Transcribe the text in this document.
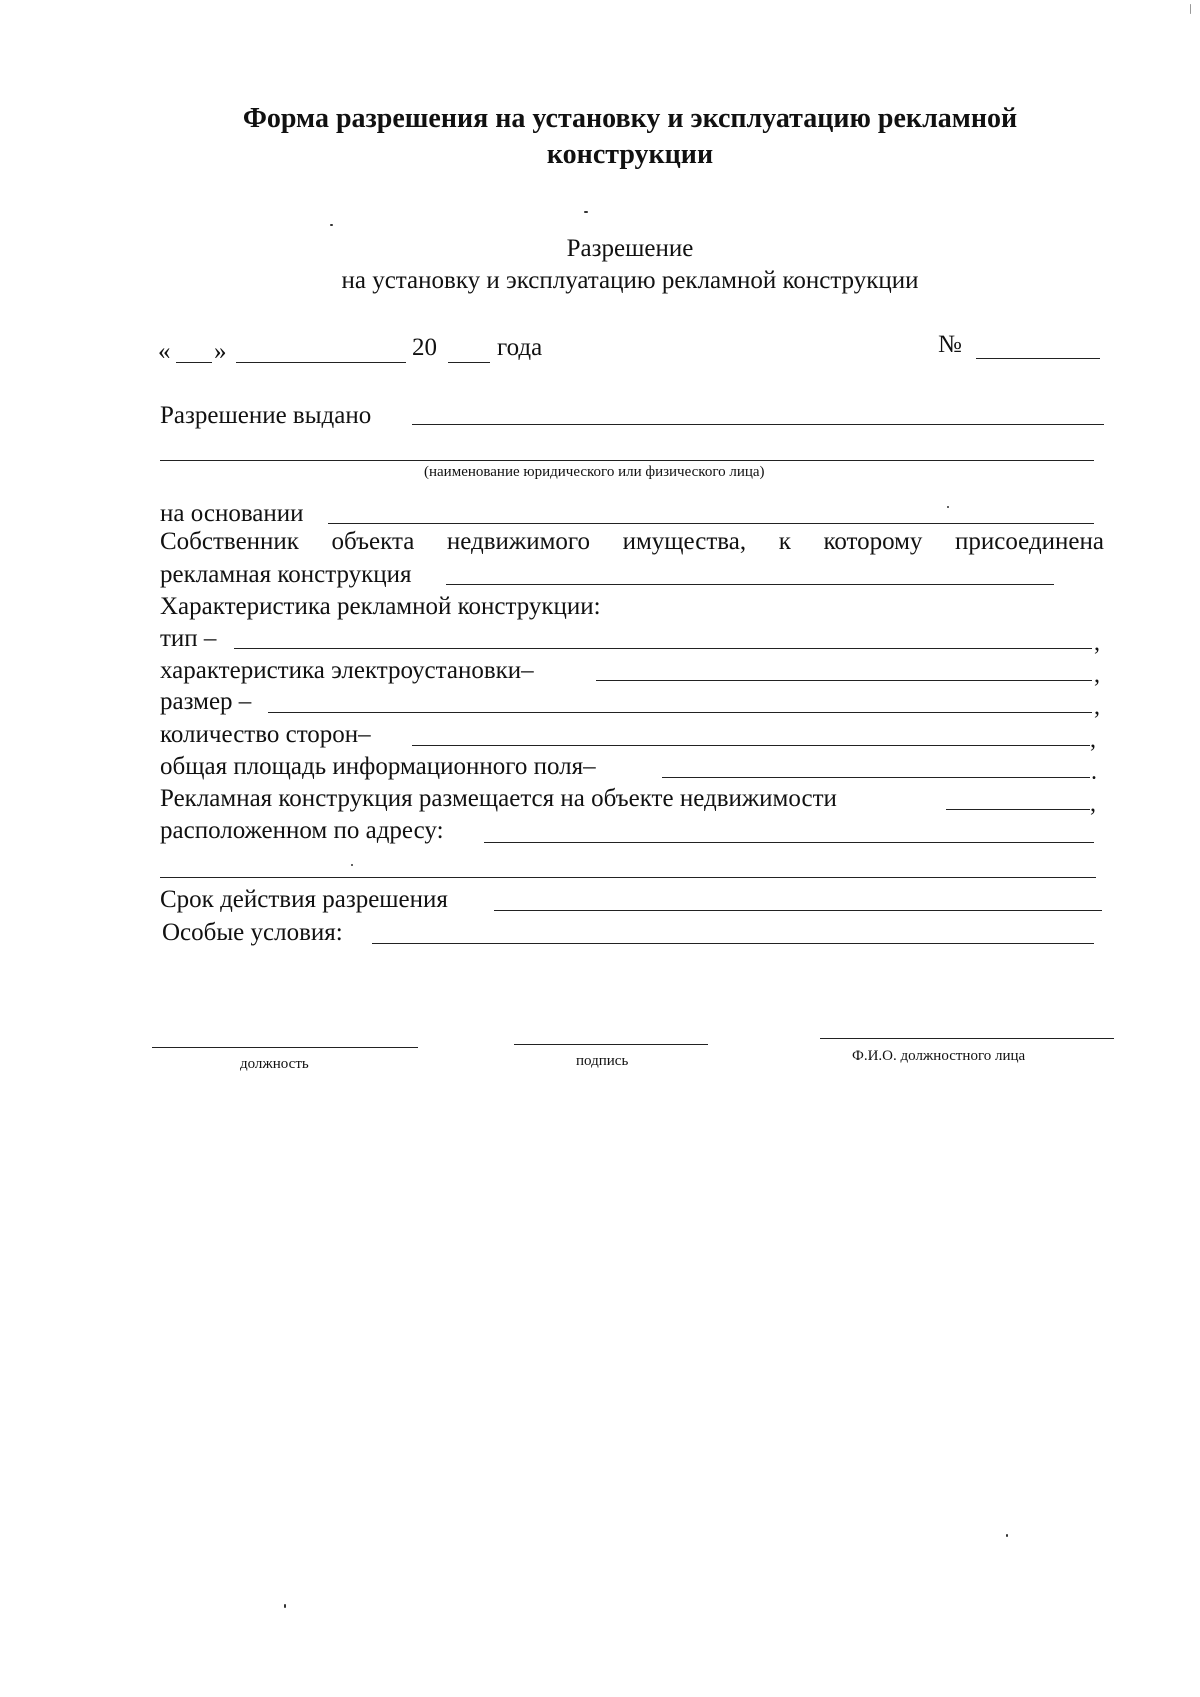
Форма разрешения на установку и эксплуатацию рекламной
конструкции
Разрешение
на установку и эксплуатацию рекламной конструкции
« »	20 года	№
Разрешение выдано
(наименование юридического или физического лица)
на основании
Собственник объекта недвижимого имущества, к которому присоединена
рекламная конструкция
Характеристика рекламной конструкции:
тип –	,
характеристика электроустановки–	,
размер –	,
количество сторон–	,
общая площадь информационного поля–	.
Рекламная конструкция размещается на объекте недвижимости	,
расположенном по адресу:
Срок действия разрешения
Особые условия:
должность	подпись	Ф.И.О. должностного лица
